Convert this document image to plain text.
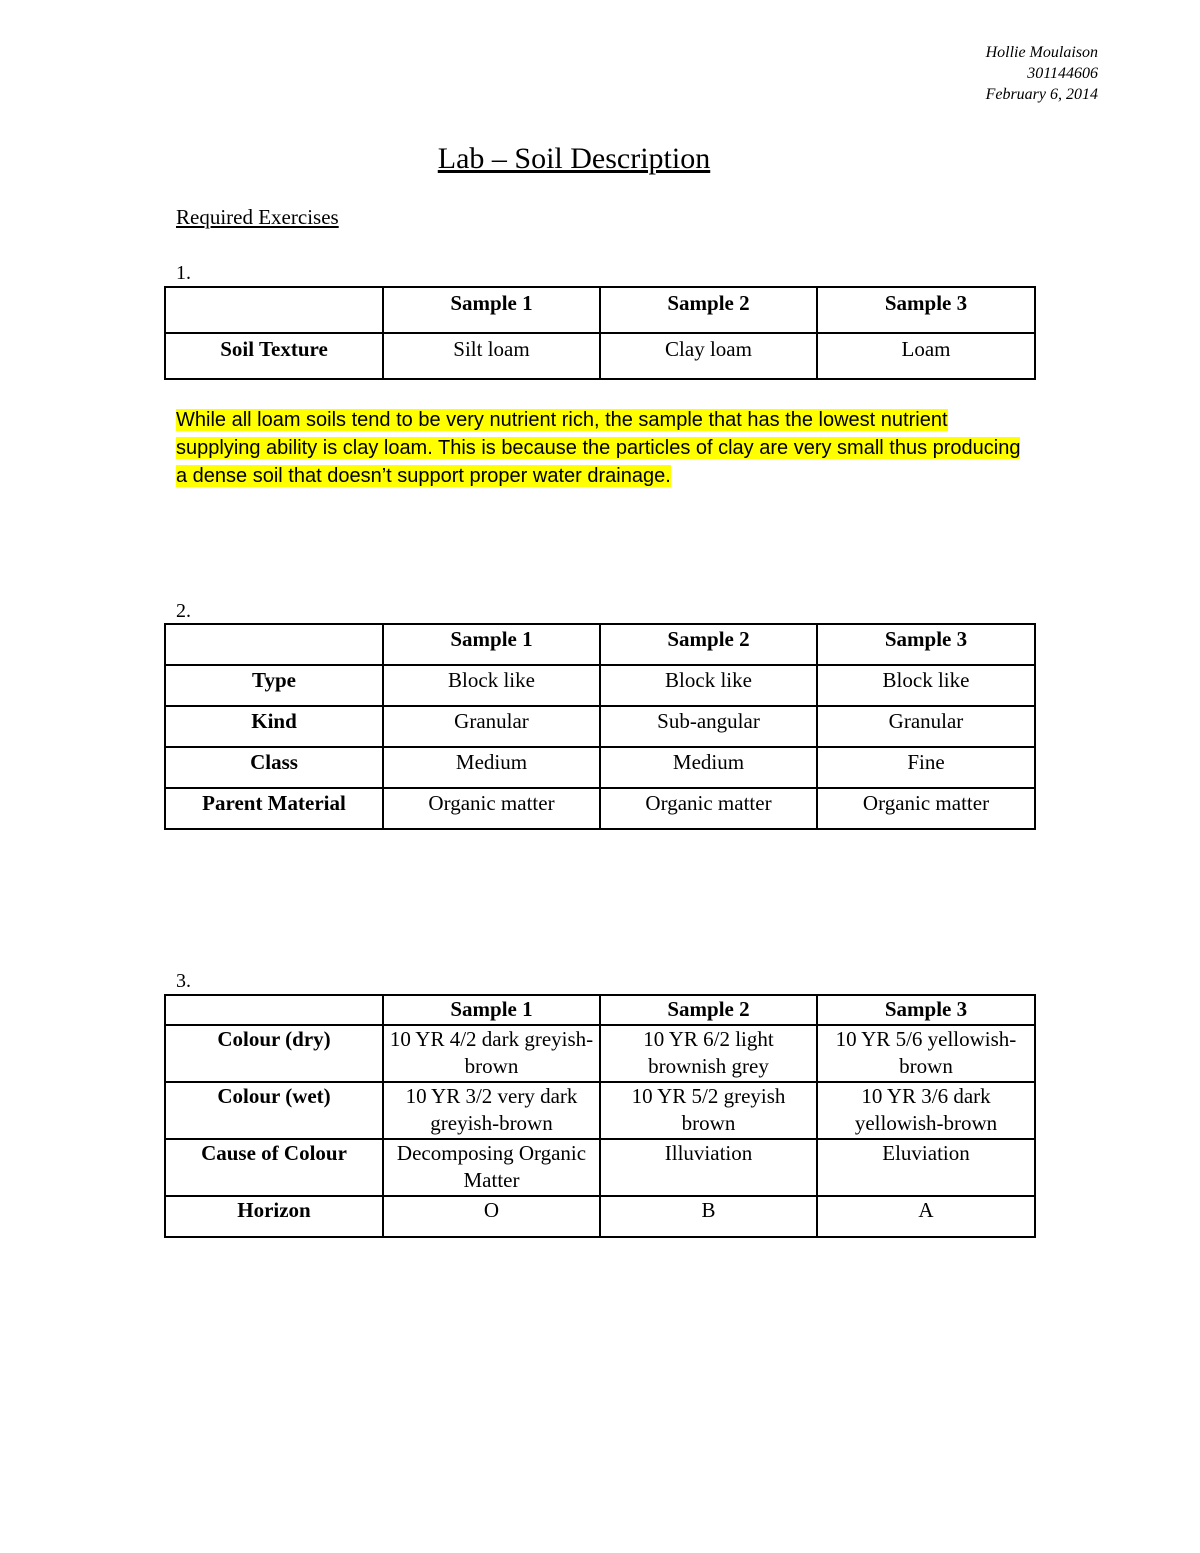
Hollie Moulaison
301144606
February 6, 2014
Lab – Soil Description
Required Exercises
1.
	Sample 1	Sample 2	Sample 3
Soil Texture	Silt loam	Clay loam	Loam
While all loam soils tend to be very nutrient rich, the sample that has the lowest nutrient supplying ability is clay loam. This is because the particles of clay are very small thus producing a dense soil that doesn’t support proper water drainage.
2.
	Sample 1	Sample 2	Sample 3
Type	Block like	Block like	Block like
Kind	Granular	Sub-angular	Granular
Class	Medium	Medium	Fine
Parent Material	Organic matter	Organic matter	Organic matter
3.
	Sample 1	Sample 2	Sample 3
Colour (dry)	10 YR 4/2 dark greyish-brown	10 YR 6/2 light brownish grey	10 YR 5/6 yellowish-brown
Colour (wet)	10 YR 3/2 very dark greyish-brown	10 YR 5/2 greyish brown	10 YR 3/6 dark yellowish-brown
Cause of Colour	Decomposing Organic Matter	Illuviation	Eluviation
Horizon	O	B	A
